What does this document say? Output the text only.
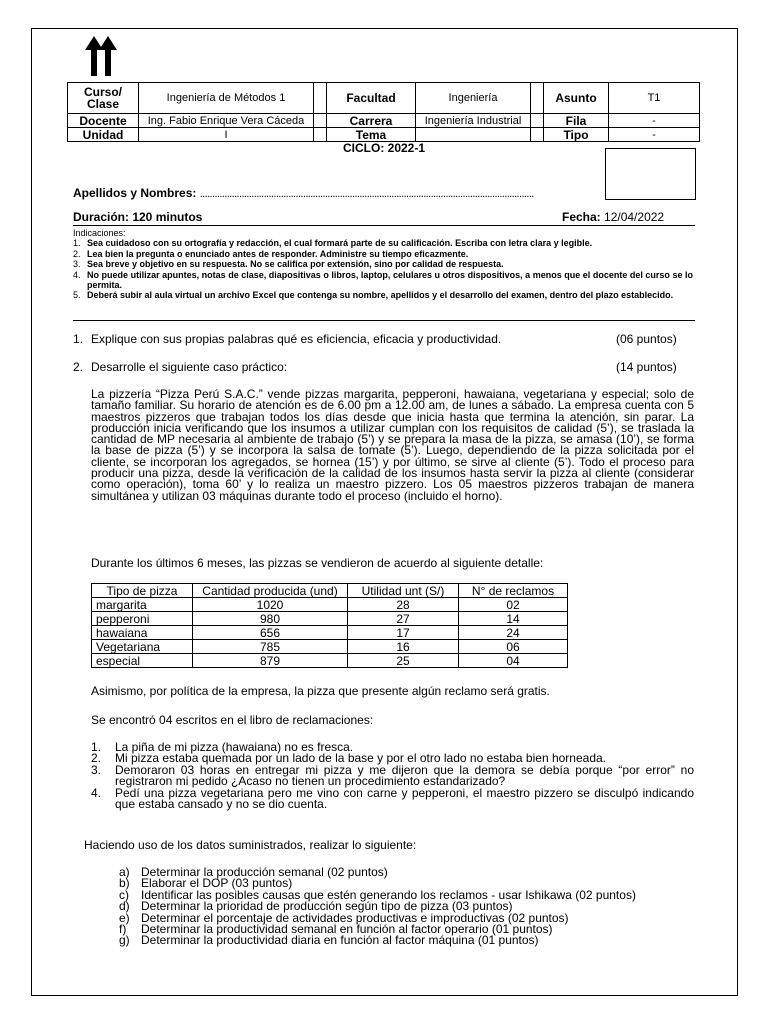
Curso/ Clase	Ingeniería de Métodos 1		Facultad	Ingeniería		Asunto	T1
Docente	Ing. Fabio Enrique Vera Cáceda		Carrera	Ingeniería Industrial		Fila	-
Unidad	I		Tema			Tipo	-
CICLO: 2022-1
Apellidos y Nombres: ........................................................................................................................................
Duración: 120 minutos	Fecha: 12/04/2022
Indicaciones:
1. Sea cuidadoso con su ortografía y redacción, el cual formará parte de su calificación. Escriba con letra clara y legible.
2. Lea bien la pregunta o enunciado antes de responder. Administre su tiempo eficazmente.
3. Sea breve y objetivo en su respuesta. No se califica por extensión, sino por calidad de respuesta.
4. No puede utilizar apuntes, notas de clase, diapositivas o libros, laptop, celulares u otros dispositivos, a menos que el docente del curso se lo permita.
5. Deberá subir al aula virtual un archivo Excel que contenga su nombre, apellidos y el desarrollo del examen, dentro del plazo establecido.
1. Explique con sus propias palabras qué es eficiencia, eficacia y productividad.	(06 puntos)
2. Desarrolle el siguiente caso práctico:	(14 puntos)
La pizzería “Pizza Perú S.A.C.” vende pizzas margarita, pepperoni, hawaiana, vegetariana y especial; solo de tamaño familiar. Su horario de atención es de 6.00 pm a 12.00 am, de lunes a sábado. La empresa cuenta con 5 maestros pizzeros que trabajan todos los días desde que inicia hasta que termina la atención, sin parar. La producción inicia verificando que los insumos a utilizar cumplan con los requisitos de calidad (5’), se traslada la cantidad de MP necesaria al ambiente de trabajo (5’) y se prepara la masa de la pizza, se amasa (10’), se forma la base de pizza (5’) y se incorpora la salsa de tomate (5’). Luego, dependiendo de la pizza solicitada por el cliente, se incorporan los agregados, se hornea (15’) y por último, se sirve al cliente (5’). Todo el proceso para producir una pizza, desde la verificación de la calidad de los insumos hasta servir la pizza al cliente (considerar como operación), toma 60’ y lo realiza un maestro pizzero. Los 05 maestros pizzeros trabajan de manera simultánea y utilizan 03 máquinas durante todo el proceso (incluido el horno).
Durante los últimos 6 meses, las pizzas se vendieron de acuerdo al siguiente detalle:
Tipo de pizza	Cantidad producida (und)	Utilidad unt (S/)	N° de reclamos
margarita	1020	28	02
pepperoni	980	27	14
hawaiana	656	17	24
Vegetariana	785	16	06
especial	879	25	04
Asimismo, por política de la empresa, la pizza que presente algún reclamo será gratis.
Se encontró 04 escritos en el libro de reclamaciones:
1.	La piña de mi pizza (hawaiana) no es fresca.
2.	Mi pizza estaba quemada por un lado de la base y por el otro lado no estaba bien horneada.
3.	Demoraron 03 horas en entregar mi pizza y me dijeron que la demora se debía porque “por error” no registraron mi pedido ¿Acaso no tienen un procedimiento estandarizado?
4.	Pedí una pizza vegetariana pero me vino con carne y pepperoni, el maestro pizzero se disculpó indicando que estaba cansado y no se dio cuenta.
Haciendo uso de los datos suministrados, realizar lo siguiente:
a) Determinar la producción semanal (02 puntos)
b) Elaborar el DOP (03 puntos)
c)	Identificar las posibles causas que estén generando los reclamos - usar Ishikawa (02 puntos)
d) Determinar la prioridad de producción según tipo de pizza (03 puntos)
e) Determinar el porcentaje de actividades productivas e improductivas (02 puntos)
f)	Determinar la productividad semanal en función al factor operario (01 puntos)
g) Determinar la productividad diaria en función al factor máquina (01 puntos)
